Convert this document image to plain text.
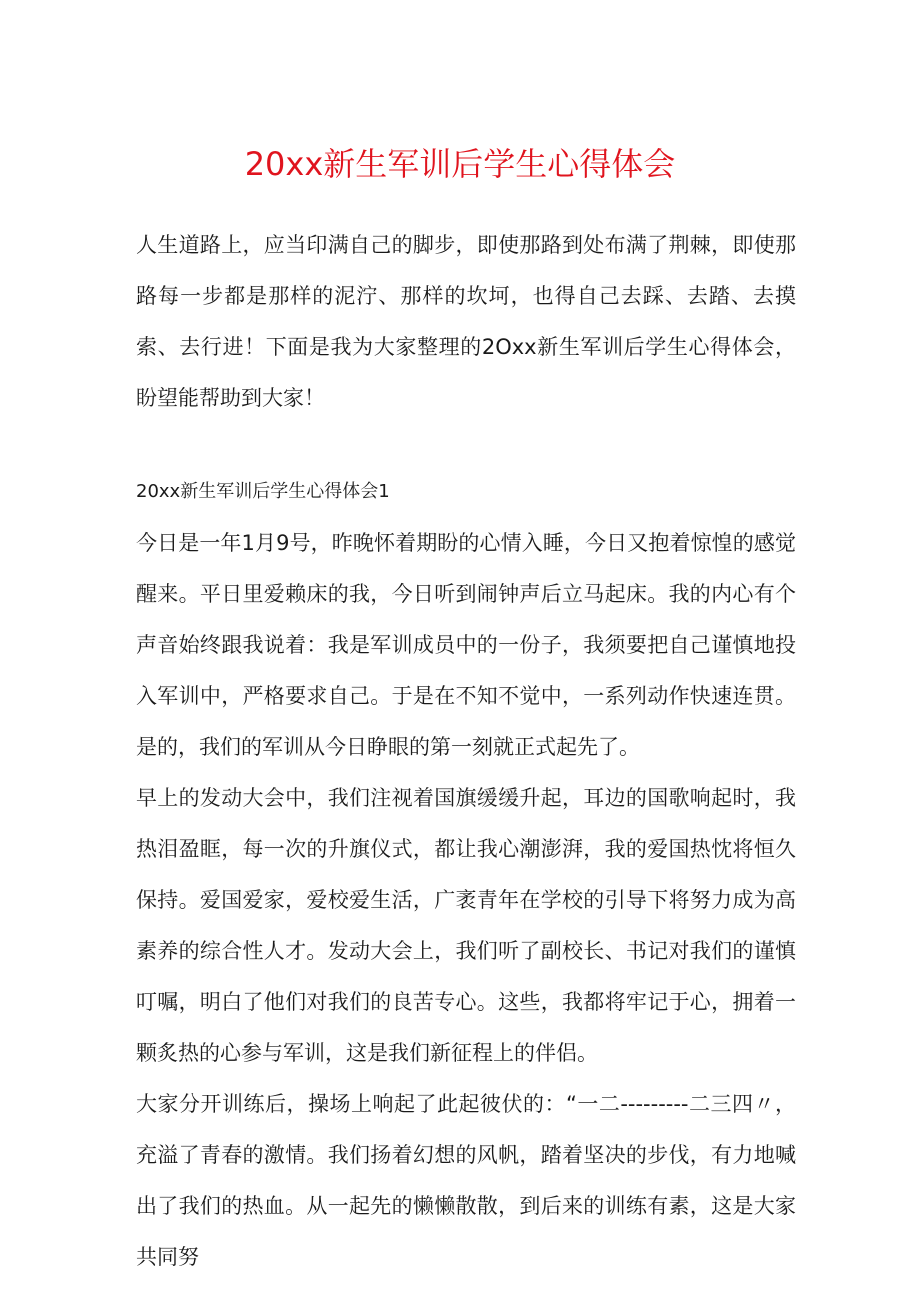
20xx新生军训后学生心得体会

人生道路上，应当印满自己的脚步，即使那路到处布满了荆棘，即使那路每一步都是那样的泥泞、那样的坎坷，也得自己去踩、去踏、去摸索、去行进！下面是我为大家整理的2Oxx新生军训后学生心得体会，盼望能帮助到大家！

20xx新生军训后学生心得体会1

今日是一年1月9号，昨晚怀着期盼的心情入睡，今日又抱着惊惶的感觉醒来。平日里爱赖床的我，今日听到闹钟声后立马起床。我的内心有个声音始终跟我说着：我是军训成员中的一份子，我须要把自己谨慎地投入军训中，严格要求自己。于是在不知不觉中，一系列动作快速连贯。是的，我们的军训从今日睁眼的第一刻就正式起先了。

早上的发动大会中，我们注视着国旗缓缓升起，耳边的国歌响起时，我热泪盈眶，每一次的升旗仪式，都让我心潮澎湃，我的爱国热忱将恒久保持。爱国爱家，爱校爱生活，广袤青年在学校的引导下将努力成为高素养的综合性人才。发动大会上，我们听了副校长、书记对我们的谨慎叮嘱，明白了他们对我们的良苦专心。这些，我都将牢记于心，拥着一颗炙热的心参与军训，这是我们新征程上的伴侣。

大家分开训练后，操场上响起了此起彼伏的：“一二---------二三四〃，充溢了青春的激情。我们扬着幻想的风帆，踏着坚决的步伐，有力地喊出了我们的热血。从一起先的懒懒散散，到后来的训练有素，这是大家共同努
